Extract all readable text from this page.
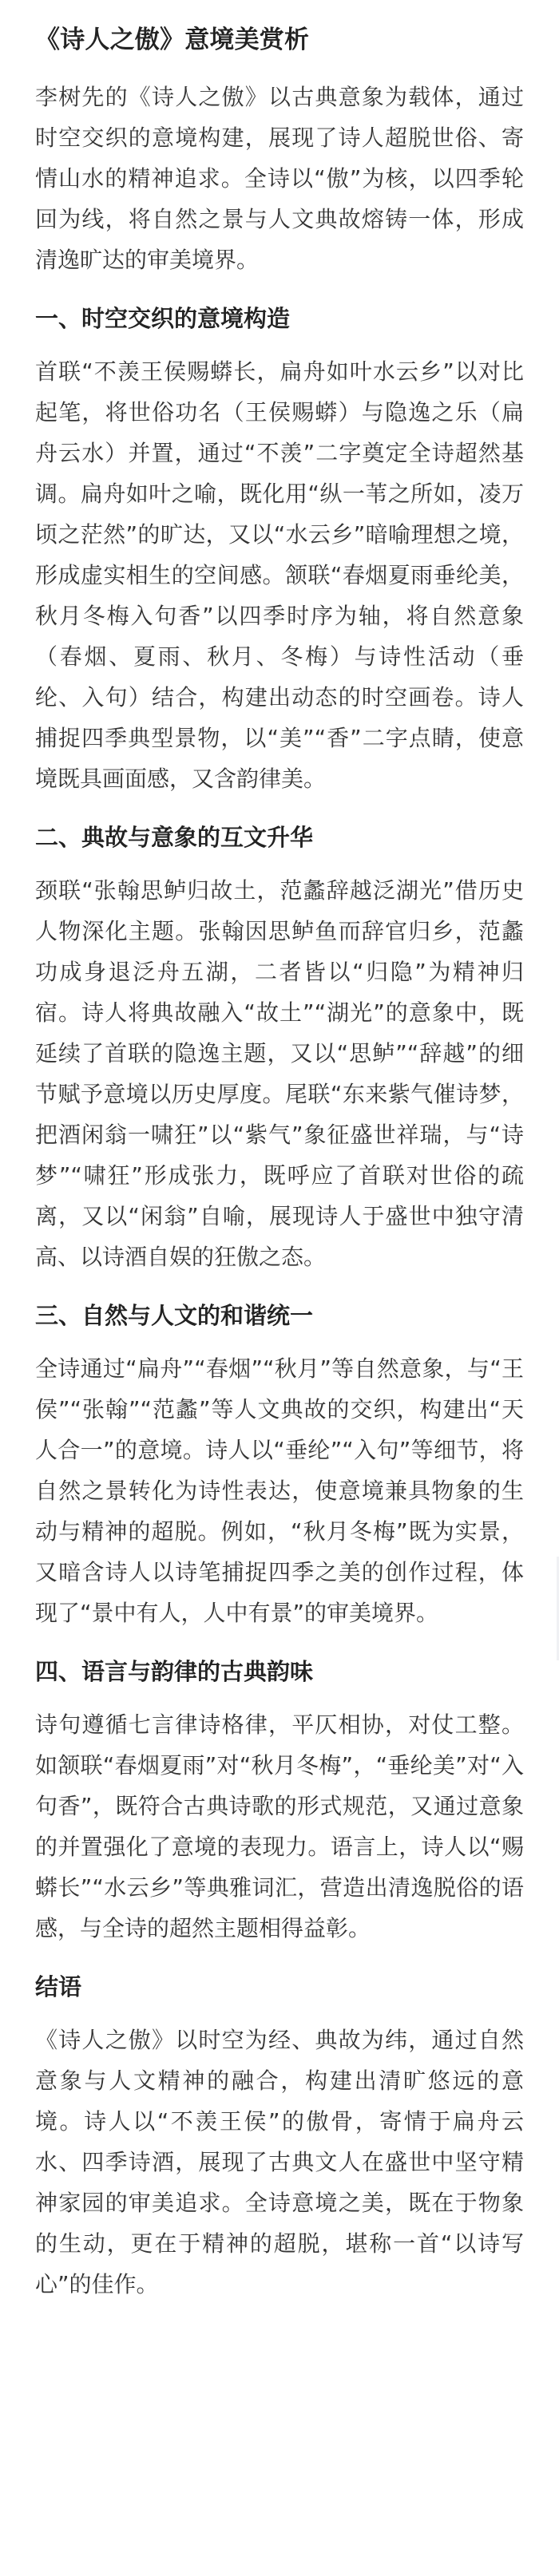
《诗人之傲》意境美赏析

李树先的《诗人之傲》以古典意象为载体，通过时空交织的意境构建，展现了诗人超脱世俗、寄情山水的精神追求。全诗以“傲”为核，以四季轮回为线，将自然之景与人文典故熔铸一体，形成清逸旷达的审美境界。

一、时空交织的意境构造

首联“不羡王侯赐蟒长，扁舟如叶水云乡”以对比起笔，将世俗功名（王侯赐蟒）与隐逸之乐（扁舟云水）并置，通过“不羡”二字奠定全诗超然基调。扁舟如叶之喻，既化用“纵一苇之所如，凌万顷之茫然”的旷达，又以“水云乡”暗喻理想之境，形成虚实相生的空间感。颔联“春烟夏雨垂纶美，秋月冬梅入句香”以四季时序为轴，将自然意象（春烟、夏雨、秋月、冬梅）与诗性活动（垂纶、入句）结合，构建出动态的时空画卷。诗人捕捉四季典型景物，以“美”“香”二字点睛，使意境既具画面感，又含韵律美。

二、典故与意象的互文升华

颈联“张翰思鲈归故土，范蠡辞越泛湖光”借历史人物深化主题。张翰因思鲈鱼而辞官归乡，范蠡功成身退泛舟五湖，二者皆以“归隐”为精神归宿。诗人将典故融入“故土”“湖光”的意象中，既延续了首联的隐逸主题，又以“思鲈”“辞越”的细节赋予意境以历史厚度。尾联“东来紫气催诗梦，把酒闲翁一啸狂”以“紫气”象征盛世祥瑞，与“诗梦”“啸狂”形成张力，既呼应了首联对世俗的疏离，又以“闲翁”自喻，展现诗人于盛世中独守清高、以诗酒自娱的狂傲之态。

三、自然与人文的和谐统一

全诗通过“扁舟”“春烟”“秋月”等自然意象，与“王侯”“张翰”“范蠡”等人文典故的交织，构建出“天人合一”的意境。诗人以“垂纶”“入句”等细节，将自然之景转化为诗性表达，使意境兼具物象的生动与精神的超脱。例如，“秋月冬梅”既为实景，又暗含诗人以诗笔捕捉四季之美的创作过程，体现了“景中有人，人中有景”的审美境界。

四、语言与韵律的古典韵味

诗句遵循七言律诗格律，平仄相协，对仗工整。如颔联“春烟夏雨”对“秋月冬梅”，“垂纶美”对“入句香”，既符合古典诗歌的形式规范，又通过意象的并置强化了意境的表现力。语言上，诗人以“赐蟒长”“水云乡”等典雅词汇，营造出清逸脱俗的语感，与全诗的超然主题相得益彰。

结语

《诗人之傲》以时空为经、典故为纬，通过自然意象与人文精神的融合，构建出清旷悠远的意境。诗人以“不羡王侯”的傲骨，寄情于扁舟云水、四季诗酒，展现了古典文人在盛世中坚守精神家园的审美追求。全诗意境之美，既在于物象的生动，更在于精神的超脱，堪称一首“以诗写心”的佳作。
